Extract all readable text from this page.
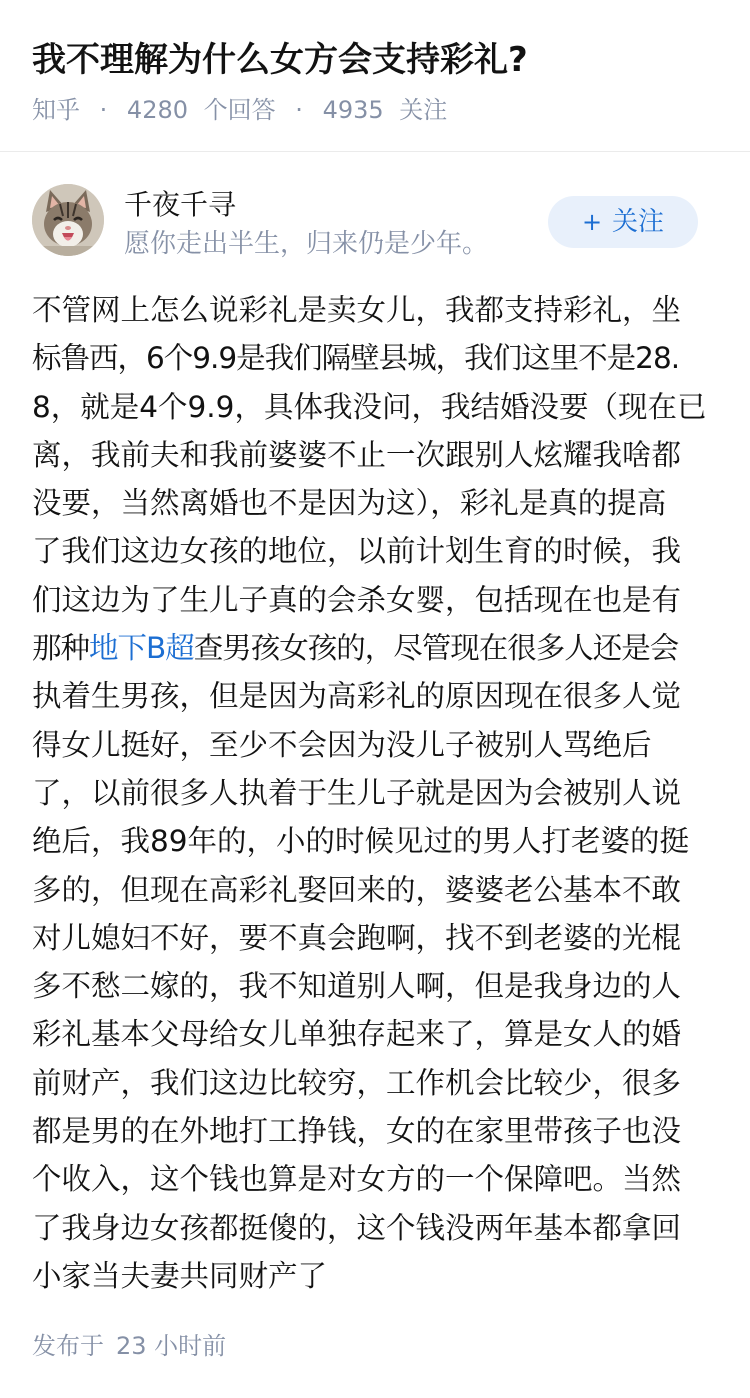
我不理解为什么女方会支持彩礼?
知乎 · 4280 个回答 · 4935 关注
千夜千寻
愿你走出半生，归来仍是少年。
+ 关注
不管网上怎么说彩礼是卖女儿，我都支持彩礼，坐
标鲁西，6个9.9是我们隔壁县城，我们这里不是28.
8，就是4个9.9，具体我没问，我结婚没要（现在已
离，我前夫和我前婆婆不止一次跟别人炫耀我啥都
没要，当然离婚也不是因为这），彩礼是真的提高
了我们这边女孩的地位，以前计划生育的时候，我
们这边为了生儿子真的会杀女婴，包括现在也是有
那种地下B超查男孩女孩的，尽管现在很多人还是会
执着生男孩，但是因为高彩礼的原因现在很多人觉
得女儿挺好，至少不会因为没儿子被别人骂绝后
了，以前很多人执着于生儿子就是因为会被别人说
绝后，我89年的，小的时候见过的男人打老婆的挺
多的，但现在高彩礼娶回来的，婆婆老公基本不敢
对儿媳妇不好，要不真会跑啊，找不到老婆的光棍
多不愁二嫁的，我不知道别人啊，但是我身边的人
彩礼基本父母给女儿单独存起来了，算是女人的婚
前财产，我们这边比较穷，工作机会比较少，很多
都是男的在外地打工挣钱，女的在家里带孩子也没
个收入，这个钱也算是对女方的一个保障吧。当然
了我身边女孩都挺傻的，这个钱没两年基本都拿回
小家当夫妻共同财产了
发布于 23 小时前
